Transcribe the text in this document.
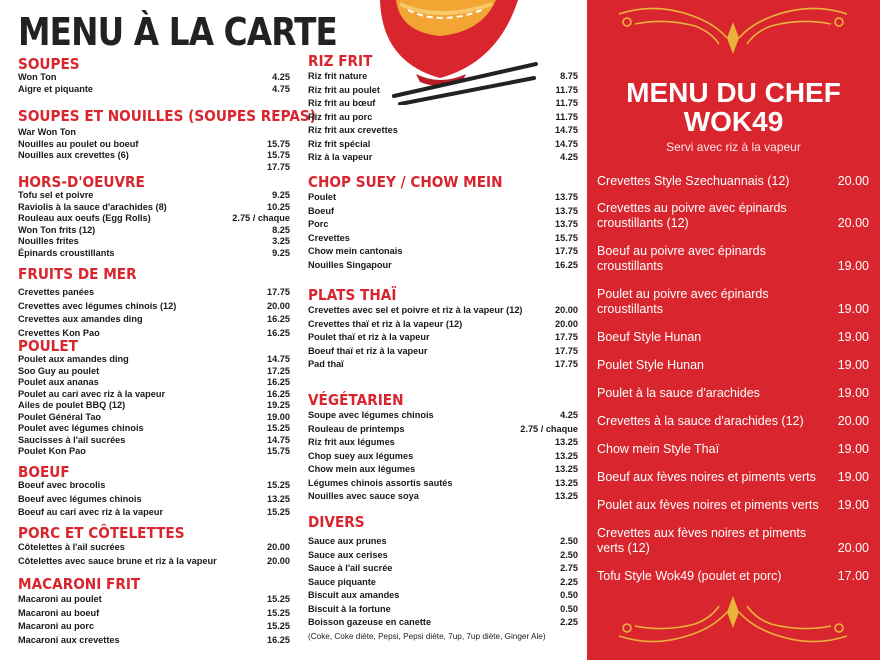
MENU À LA CARTE
SOUPES
Won Ton	4.25
Aigre et piquante	4.75
SOUPES ET NOUILLES (SOUPES REPAS)
War Won Ton
Nouilles au poulet ou boeuf	15.75
Nouilles aux crevettes (6)	15.75
17.75
HORS-D'OEUVRE
Tofu sel et poivre	9.25
Raviolis à la sauce d'arachides (8)	10.25
Rouleau aux oeufs (Egg Rolls)	2.75 / chaque
Won Ton frits (12)	8.25
Nouilles frites	3.25
Épinards croustillants	9.25
FRUITS DE MER
Crevettes panées	17.75
Crevettes avec légumes chinois (12)	20.00
Crevettes aux amandes ding	16.25
Crevettes Kon Pao	16.25
POULET
Poulet aux amandes ding	14.75
Soo Guy au poulet	17.25
Poulet aux ananas	16.25
Poulet au cari avec riz à la vapeur	16.25
Ailes de poulet BBQ (12)	19.25
Poulet Général Tao	19.00
Poulet avec légumes chinois	15.25
Saucisses à l'ail sucrées	14.75
Poulet Kon Pao	15.75
BOEUF
Boeuf avec brocolis	15.25
Boeuf avec légumes chinois	13.25
Boeuf au cari avec riz à la vapeur	15.25
PORC ET CÔTELETTES
Côtelettes à l'ail sucrées	20.00
Côtelettes avec sauce brune et riz à la vapeur	20.00
MACARONI FRIT
Macaroni au poulet	15.25
Macaroni au boeuf	15.25
Macaroni au porc	15.25
Macaroni aux crevettes	16.25
RIZ FRIT
Riz frit nature	8.75
Riz frit au poulet	11.75
Riz frit au bœuf	11.75
Riz frit au porc	11.75
Riz frit aux crevettes	14.75
Riz frit spécial	14.75
Riz à la vapeur	4.25
CHOP SUEY / CHOW MEIN
Poulet	13.75
Boeuf	13.75
Porc	13.75
Crevettes	15.75
Chow mein cantonais	17.75
Nouilles Singapour	16.25
PLATS THAÏ
Crevettes avec sel et poivre et riz à la vapeur (12)	20.00
Crevettes thaï et riz à la vapeur (12)	20.00
Poulet thaï et riz à la vapeur	17.75
Boeuf thaï et riz à la vapeur	17.75
Pad thaï	17.75
VÉGÉTARIEN
Soupe avec légumes chinois	4.25
Rouleau de printemps	2.75 / chaque
Riz frit aux légumes	13.25
Chop suey aux légumes	13.25
Chow mein aux légumes	13.25
Légumes chinois assortis sautés	13.25
Nouilles avec sauce soya	13.25
DIVERS
Sauce aux prunes	2.50
Sauce aux cerises	2.50
Sauce à l'ail sucrée	2.75
Sauce piquante	2.25
Biscuit aux amandes	0.50
Biscuit à la fortune	0.50
Boisson gazeuse en canette	2.25
(Coke, Coke diète, Pepsi, Pepsi diète, 7up, 7up diète, Ginger Ale)
MENU DU CHEF
WOK49
Servi avec riz à la vapeur
Crevettes Style Szechuannais (12)	20.00
Crevettes au poivre avec épinards croustillants (12)	20.00
Boeuf au poivre avec épinards croustillants	19.00
Poulet au poivre avec épinards croustillants	19.00
Boeuf Style Hunan	19.00
Poulet Style Hunan	19.00
Poulet à la sauce d'arachides	19.00
Crevettes à la sauce d'arachides (12)	20.00
Chow mein Style Thaï	19.00
Boeuf aux fèves noires et piments verts	19.00
Poulet aux fèves noires et piments verts 19.00
Crevettes aux fèves noires et piments verts (12)	20.00
Tofu Style Wok49 (poulet et porc)	17.00
